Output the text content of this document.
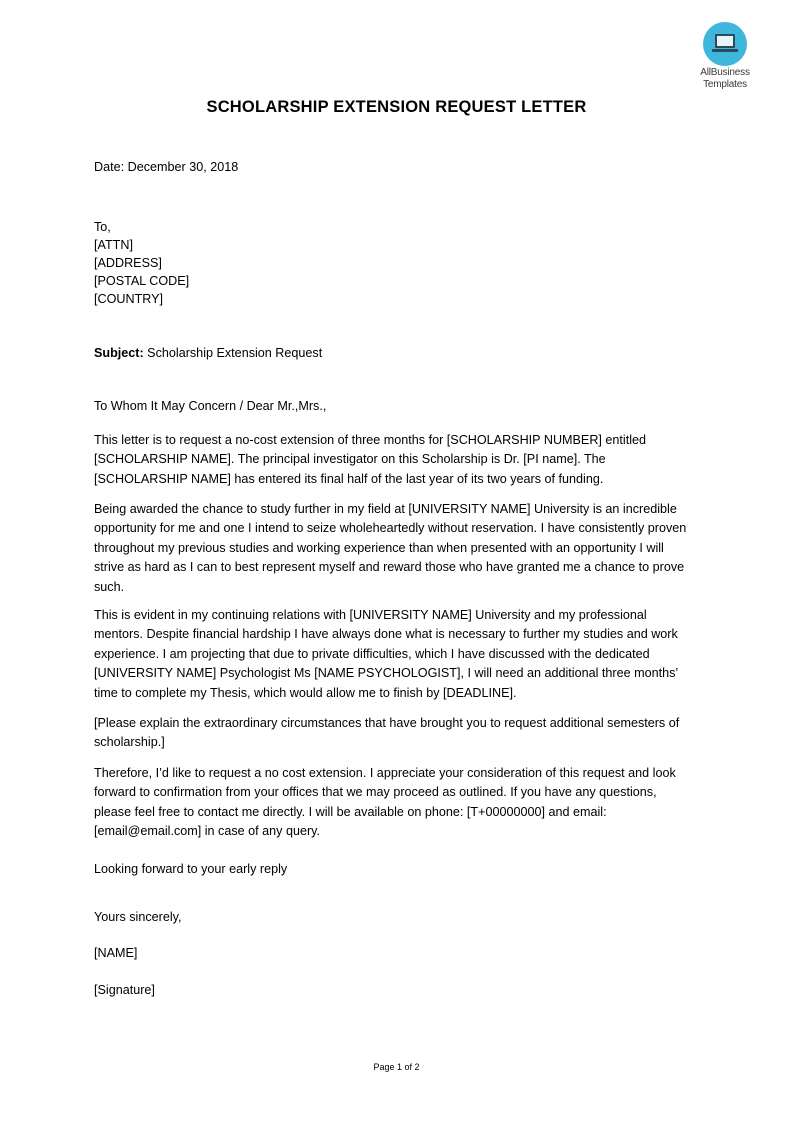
AllBusiness
Templates
SCHOLARSHIP EXTENSION REQUEST LETTER
Date: December 30, 2018
To,
[ATTN]
[ADDRESS]
[POSTAL CODE]
[COUNTRY]
Subject: Scholarship Extension Request
To Whom It May Concern / Dear Mr.,Mrs.,
This letter is to request a no-cost extension of three months for [SCHOLARSHIP NUMBER] entitled [SCHOLARSHIP NAME]. The principal investigator on this Scholarship is Dr. [PI name]. The [SCHOLARSHIP NAME] has entered its final half of the last year of its two years of funding.
Being awarded the chance to study further in my field at [UNIVERSITY NAME] University is an incredible opportunity for me and one I intend to seize wholeheartedly without reservation. I have consistently proven throughout my previous studies and working experience than when presented with an opportunity I will strive as hard as I can to best represent myself and reward those who have granted me a chance to prove such.
This is evident in my continuing relations with [UNIVERSITY NAME] University and my professional mentors. Despite financial hardship I have always done what is necessary to further my studies and work experience. I am projecting that due to private difficulties, which I have discussed with the dedicated [UNIVERSITY NAME] Psychologist Ms [NAME PSYCHOLOGIST], I will need an additional three months’ time to complete my Thesis, which would allow me to finish by [DEADLINE].
[Please explain the extraordinary circumstances that have brought you to request additional semesters of scholarship.]
Therefore, I’d like to request a no cost extension. I appreciate your consideration of this request and look forward to confirmation from your offices that we may proceed as outlined. If you have any questions, please feel free to contact me directly. I will be available on phone: [T+00000000] and email: [email@email.com] in case of any query.
Looking forward to your early reply
Yours sincerely,
[NAME]
[Signature]
Page 1 of 2
